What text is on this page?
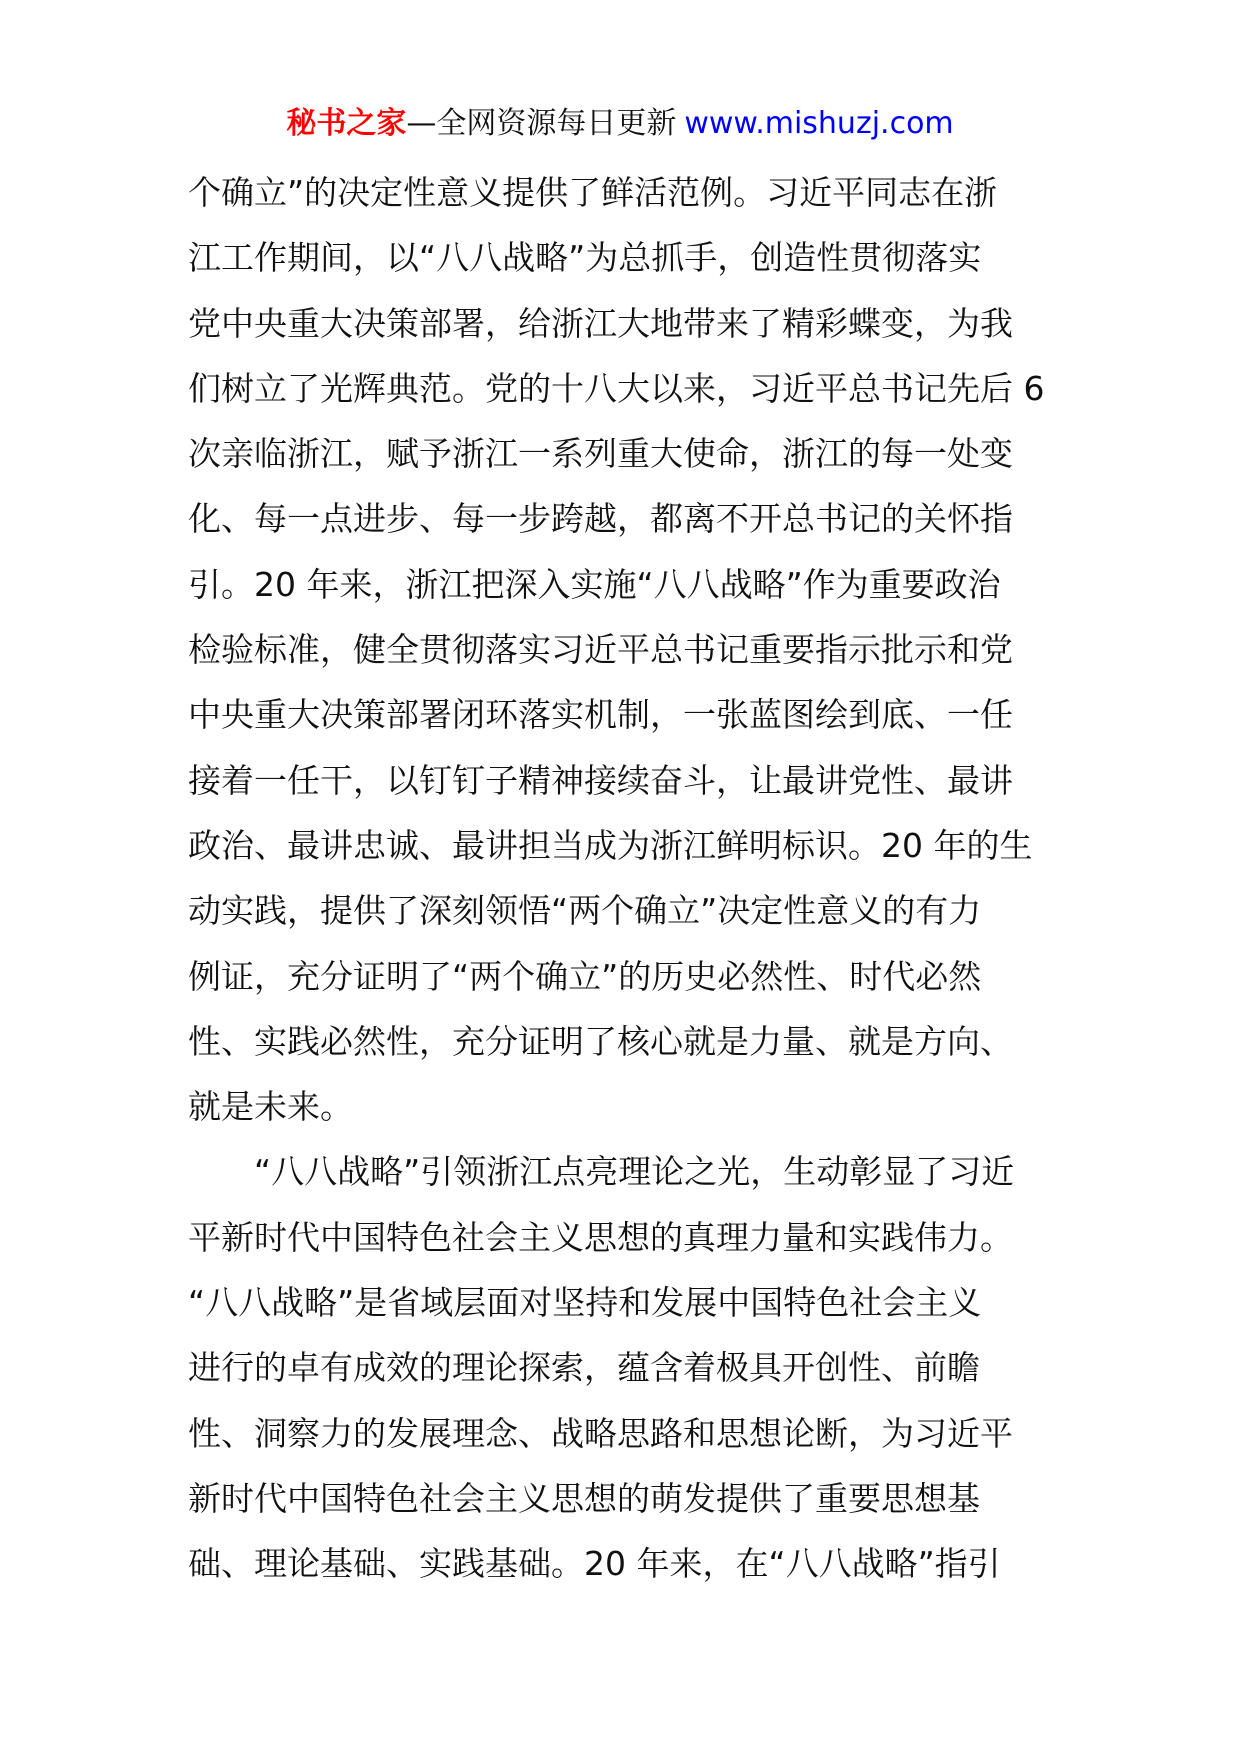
秘书之家—全网资源每日更新 www.mishuzj.com
个确立”的决定性意义提供了鲜活范例。习近平同志在浙
江工作期间，以“八八战略”为总抓手，创造性贯彻落实
党中央重大决策部署，给浙江大地带来了精彩蝶变，为我
们树立了光辉典范。党的十八大以来，习近平总书记先后 6
次亲临浙江，赋予浙江一系列重大使命，浙江的每一处变
化、每一点进步、每一步跨越，都离不开总书记的关怀指
引。20 年来，浙江把深入实施“八八战略”作为重要政治
检验标准，健全贯彻落实习近平总书记重要指示批示和党
中央重大决策部署闭环落实机制，一张蓝图绘到底、一任
接着一任干，以钉钉子精神接续奋斗，让最讲党性、最讲
政治、最讲忠诚、最讲担当成为浙江鲜明标识。20 年的生
动实践，提供了深刻领悟“两个确立”决定性意义的有力
例证，充分证明了“两个确立”的历史必然性、时代必然
性、实践必然性，充分证明了核心就是力量、就是方向、
就是未来。
“八八战略”引领浙江点亮理论之光，生动彰显了习近
平新时代中国特色社会主义思想的真理力量和实践伟力。
“八八战略”是省域层面对坚持和发展中国特色社会主义
进行的卓有成效的理论探索，蕴含着极具开创性、前瞻
性、洞察力的发展理念、战略思路和思想论断，为习近平
新时代中国特色社会主义思想的萌发提供了重要思想基
础、理论基础、实践基础。20 年来，在“八八战略”指引
